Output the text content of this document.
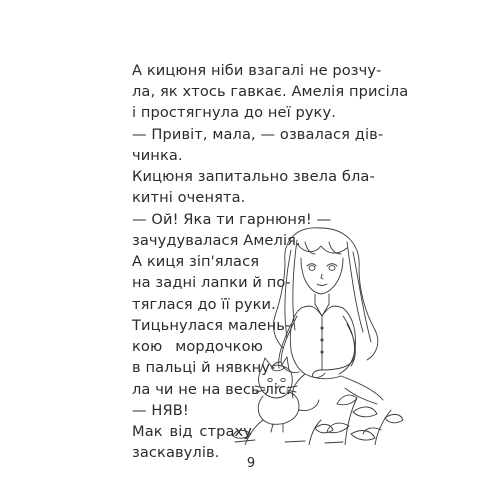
А кицюня ніби взагалі не розчу-

ла, як хтось гавкає. Амелія присіла

і простягнула до неї руку.

— Привіт, мала, — озвалася дів-

чинка.

Кицюня запитально звела бла-

китні оченята.

— Ой! Яка ти гарнюня! —

зачудувалася Амелія.

А киця зіп'ялася

на задні лапки й по-

тяглася до її руки.

Тицьнулася малень-

кою мордочкою

в пальці й нявкну-

ла чи не на весь ліс:

— НЯВ!

Мак від страху

заскавулів.

9
